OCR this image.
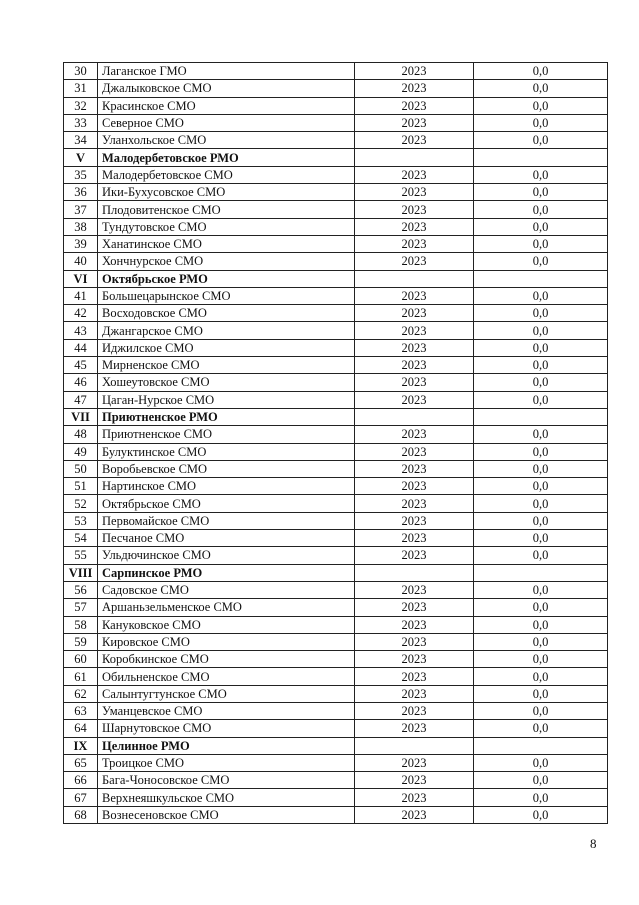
30	Лаганское ГМО	2023	0,0
31	Джалыковское СМО	2023	0,0
32	Красинское СМО	2023	0,0
33	Северное СМО	2023	0,0
34	Уланхольское СМО	2023	0,0
V	Малодербетовское РМО		
35	Малодербетовское СМО	2023	0,0
36	Ики-Бухусовское СМО	2023	0,0
37	Плодовитенское СМО	2023	0,0
38	Тундутовское СМО	2023	0,0
39	Ханатинское СМО	2023	0,0
40	Хончнурское СМО	2023	0,0
VI	Октябрьское РМО		
41	Большецарынское СМО	2023	0,0
42	Восходовское СМО	2023	0,0
43	Джангарское СМО	2023	0,0
44	Иджилское СМО	2023	0,0
45	Мирненское СМО	2023	0,0
46	Хошеутовское СМО	2023	0,0
47	Цаган-Нурское СМО	2023	0,0
VII	Приютненское РМО		
48	Приютненское СМО	2023	0,0
49	Булуктинское СМО	2023	0,0
50	Воробьевское СМО	2023	0,0
51	Нартинское СМО	2023	0,0
52	Октябрьское СМО	2023	0,0
53	Первомайское СМО	2023	0,0
54	Песчаное СМО	2023	0,0
55	Ульдючинское СМО	2023	0,0
VIII	Сарпинское РМО		
56	Садовское СМО	2023	0,0
57	Аршаньзельменское СМО	2023	0,0
58	Кануковское СМО	2023	0,0
59	Кировское СМО	2023	0,0
60	Коробкинское СМО	2023	0,0
61	Обильненское СМО	2023	0,0
62	Салынтугтунское СМО	2023	0,0
63	Уманцевское СМО	2023	0,0
64	Шарнутовское СМО	2023	0,0
IX	Целинное РМО		
65	Троицкое СМО	2023	0,0
66	Бага-Чоносовское СМО	2023	0,0
67	Верхнеяшкульское СМО	2023	0,0
68	Вознесеновское СМО	2023	0,0
8
